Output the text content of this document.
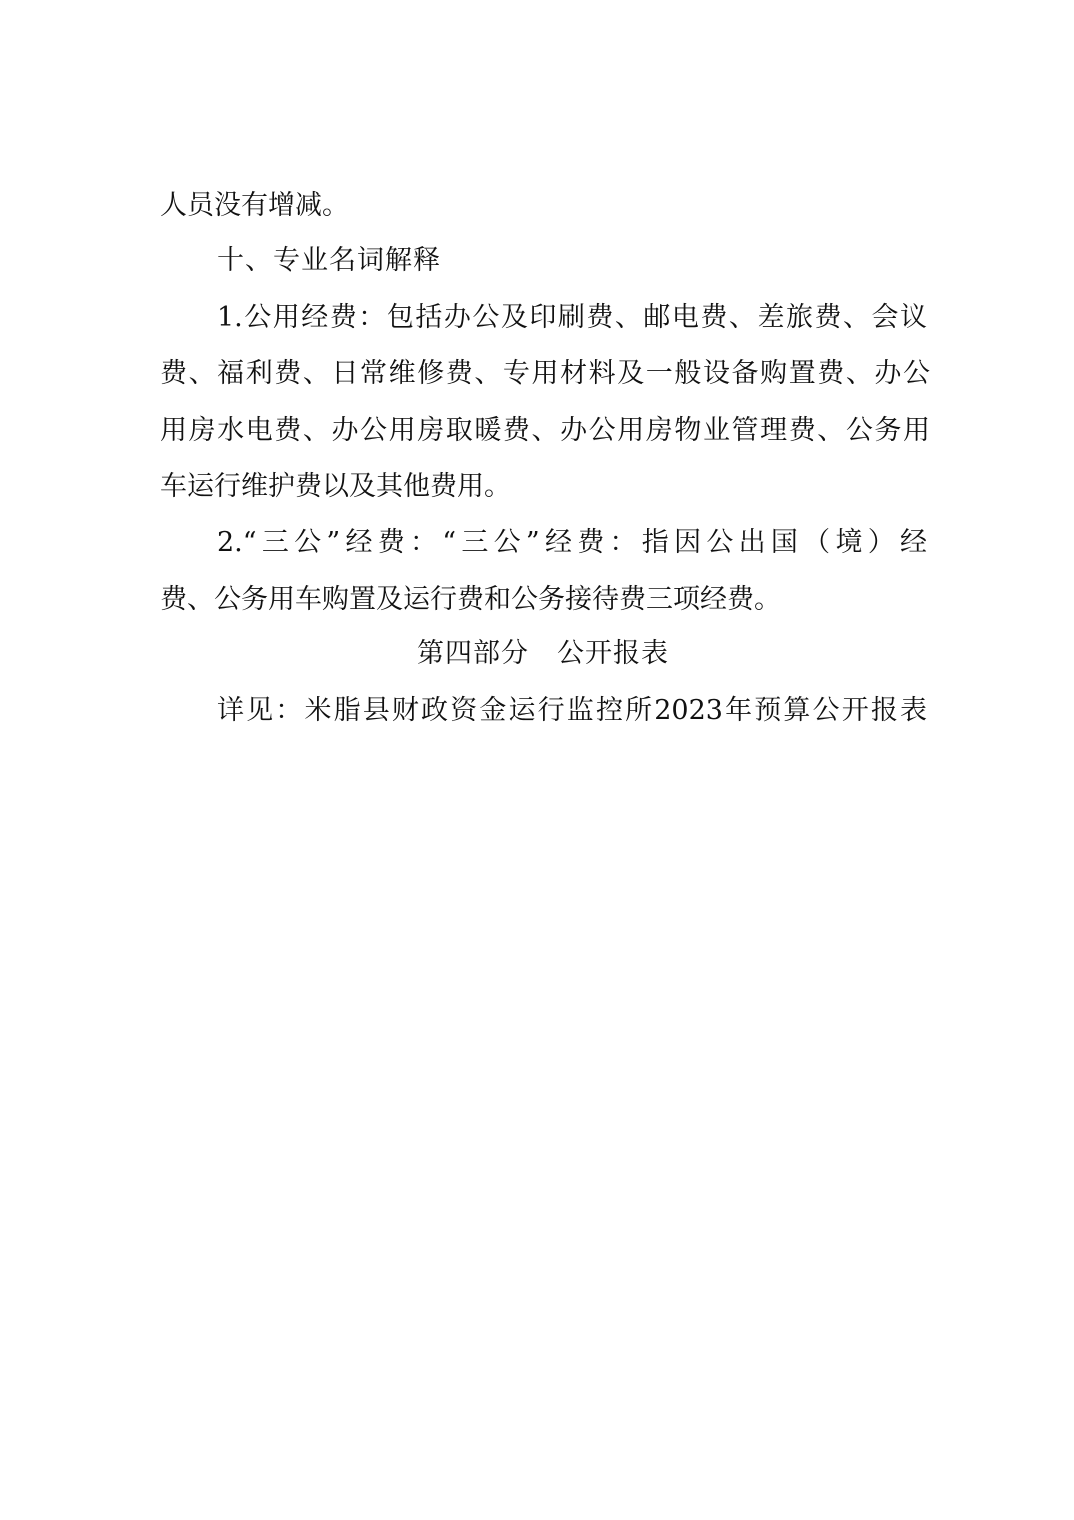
人员没有增减。
十、专业名词解释
1.公用经费：包括办公及印刷费、邮电费、差旅费、会议
费、福利费、日常维修费、专用材料及一般设备购置费、办公
用房水电费、办公用房取暖费、办公用房物业管理费、公务用
车运行维护费以及其他费用。
2.“三公”经费：“三公”经费：指因公出国（境）经
费、公务用车购置及运行费和公务接待费三项经费。
第四部分　公开报表
详见：米脂县财政资金运行监控所2023年预算公开报表
